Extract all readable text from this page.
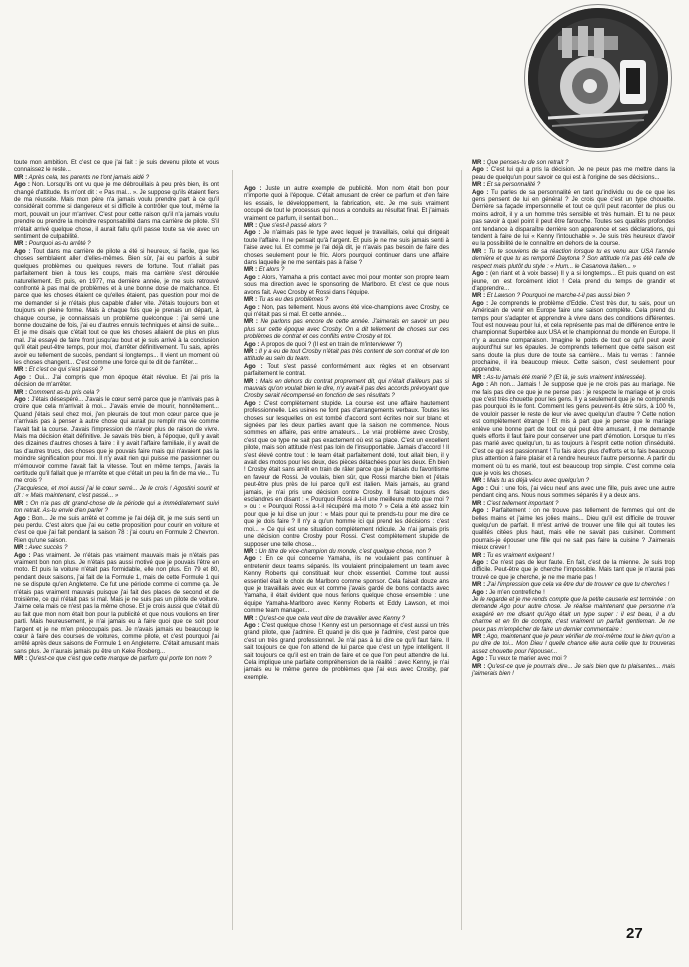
toute mon ambition. Et c'est ce que j'ai fait : je suis devenu pilote et vous connaissez le reste...

MR : Après cela, tes parents ne t'ont jamais aidé ?

Ago : Non. Lorsqu'ils ont vu que je me débrouillais à peu près bien, ils ont changé d'attitude. Ils m'ont dit : « Pas mal... ». Je suppose qu'ils étaient fiers de ma réussite. Mais mon père n'a jamais voulu prendre part à ce qu'il considérait comme si dangereux et si difficile à contrôler que tout, même la mort, pouvait un jour m'arriver. C'est pour cette raison qu'il n'a jamais voulu prendre ou prendre la moindre responsabilité dans ma carrière de pilote. S'il m'était arrivé quelque chose, il aurait fallu qu'il passe toute sa vie avec un sentiment de culpabilité.

MR : Pourquoi as-tu arrêté ?

Ago : Tout dans ma carrière de pilote a été si heureux, si facile, que les choses semblaient aller d'elles-mêmes. Bien sûr, j'ai eu parfois à subir quelques problèmes ou quelques revers de fortune. Tout n'allait pas parfaitement bien à tous les coups, mais ma carrière s'est déroulée naturellement. Et puis, en 1977, ma dernière année, je me suis retrouvé confronté à pas mal de problèmes et à une bonne dose de malchance. Et parce que les choses étaient ce qu'elles étaient, pas question pour moi de me demander si je n'étais plus capable d'aller vite. J'étais toujours bon et toujours en pleine forme. Mais à chaque fois que je prenais un départ, à chaque course, je connaissais un problème quelconque : j'ai serré une bonne douzaine de fois, j'ai eu d'autres ennuis techniques et ainsi de suite... Et je me disais que c'était tout ce que les choses allaient de plus en plus mal. J'ai essayé de faire front jusqu'au bout et je suis arrivé à la conclusion qu'il était peut-être temps, pour moi, d'arrêter définitivement. Tu sais, après avoir eu tellement de succès, pendant si longtemps... Il vient un moment où les choses changent... C'est comme une force qui te dit de t'arrêter...

MR : Et c'est ce qui s'est passé ?

Ago : Oui... J'ai compris que mon époque était révolue. Et j'ai pris la décision de m'arrêter.

MR : Comment as-tu pris cela ?

Ago : J'étais désespéré... J'avais le cœur serré parce que je n'arrivais pas à croire que cela m'arrivait à moi... J'avais envie de mourir, honnêtement... Quand j'étais seul chez moi, j'en pleurais de tout mon cœur parce que je n'arrivais pas à penser à autre chose qui aurait pu remplir ma vie comme l'avait fait la course. J'avais l'impression de n'avoir plus de raison de vivre. Mais ma décision était définitive. Je savais très bien, à l'époque, qu'il y avait des dizaines d'autres choses à faire : il y avait l'affaire familiale, il y avait de tas d'autres trucs, des choses que je pouvais faire mais qui n'avaient pas la moindre signification pour moi. Il n'y avait rien qui puisse me passionner ou m'émouvoir comme l'avait fait la vitesse. Tout en même temps, j'avais la certitude qu'il fallait que je m'arrête et que c'était un peu la fin de ma vie... Tu me crois ?

(J'acquiesce, et moi aussi j'ai le cœur serré... Je le crois ! Agostini sourit et dit : « Mais maintenant, c'est passé... »

MR : On n'a pas dit grand-chose de la période qui a immédiatement suivi ton retrait. As-tu envie d'en parler ?

Ago : Bon... Je me suis arrêté et comme je l'ai déjà dit, je me suis senti un peu perdu. C'est alors que j'ai eu cette proposition pour courir en voiture et c'est ce que j'ai fait pendant la saison 78 : j'ai couru en Formule 2 Chevron. Rien qu'une saison.

MR : Avec succès ?

Ago : Pas vraiment. Je n'étais pas vraiment mauvais mais je n'étais pas vraiment bon non plus. Je n'étais pas aussi motivé que je pouvais l'être en moto. Et puis la voiture n'était pas formidable, elle non plus. En 79 et 80, pendant deux saisons, j'ai fait de la Formule 1, mais de cette Formule 1 qui ne se dispute qu'en Angleterre. Ce fut une période comme ci comme ça. Je n'étais pas vraiment mauvais puisque j'ai fait des places de second et de troisième, ce qui n'était pas si mal. Mais je ne suis pas un pilote de voiture. J'aime cela mais ce n'est pas la même chose. Et je crois aussi que c'était dû au fait que mon nom était bon pour la publicité et que nous voulions en tirer parti. Mais heureusement, je n'ai jamais eu à faire quoi que ce soit pour l'argent et je ne m'en préoccupais pas. Je n'avais jamais eu beaucoup le cœur à faire des courses de voitures, comme pilote, et c'est pourquoi j'ai arrêté après deux saisons de Formule 1 en Angleterre. C'était amusant mais sans plus. Je n'aurais jamais pu être un Keke Rosberg...

MR : Qu'est-ce que c'est que cette marque de parfum qui porte ton nom ?

Ago : Juste un autre exemple de publicité. Mon nom était bon pour n'importe quoi à l'époque. C'était amusant de créer ce parfum et d'en faire les essais, le développement, la fabrication, etc. Je me suis vraiment occupé de tout le processus qui nous a conduits au résultat final. Et j'aimais vraiment ce parfum, il sentait bon...

MR : Que s'est-il passé alors ?

Ago : Je n'aimais pas le type avec lequel je travaillais, celui qui dirigeait toute l'affaire. Il ne pensait qu'à l'argent. Et puis je ne me suis jamais senti à l'aise avec lui. Et comme je l'ai déjà dit, je n'avais pas besoin de faire des choses seulement pour le fric. Alors pourquoi continuer dans une affaire dans laquelle je ne me sentais pas à l'aise ?

MR : Et alors ?

Ago : Alors, Yamaha a pris contact avec moi pour monter son propre team sous ma direction avec le sponsoring de Marlboro. Et c'est ce que nous avons fait. Avec Crosby et Rossi dans l'équipe.

MR : Tu as eu des problèmes ?

Ago : Non, pas tellement. Nous avons été vice-champions avec Crosby, ce qui n'était pas si mal. Et cette année...

MR : Ne parlons pas encore de cette année. J'aimerais en savoir un peu plus sur cette époque avec Crosby. On a dit tellement de choses sur ces problèmes de contrat et ces conflits entre Crosby et toi.

Ago : A propos de quoi ? (Il est en train de m'interviewer ?)

MR : Il y a eu de tout Crosby n'était pas très content de son contrat et de ton attitude au sein du team.

Ago : Tout s'est passé conformément aux règles et en observant parfaitement le contrat.

MR : Mais en dehors du contrat proprement dit, qui n'était d'ailleurs pas si mauvais qu'on voulait bien le dire, n'y avait-il pas des accords prévoyant que Crosby serait récompensé en fonction de ses résultats ?

Ago : C'est complètement stupide. La course est une affaire hautement professionnelle. Les usines ne font pas d'arrangements verbaux. Toutes les choses sur lesquelles on est tombé d'accord sont écrites noir sur blanc et signées par les deux parties avant que la saison ne commence. Nous sommes en affaire, pas entre amateurs... Le vrai problème avec Crosby, c'est que ce type ne sait pas exactement où est sa place. C'est un excellent pilote, mais son attitude n'est pas loin de l'insupportable. Jamais d'accord ! Il s'est élevé contre tout : le team était parfaitement doté, tout allait bien, il y avait des motos pour les deux, des pièces détachées pour les deux. Eh bien ! Crosby était sans arrêt en train de râler parce que je faisais du favoritisme en faveur de Rossi. Je voulais, bien sûr, que Rossi marche bien et j'étais peut-être plus près de lui parce qu'il est italien. Mais jamais, au grand jamais, je n'ai pris une décision contre Crosby. Il faisait toujours des esclandres en disant : « Pourquoi Rossi a-t-il une meilleure moto que moi ? » ou : « Pourquoi Rossi a-t-il récupéré ma moto ? » Cela a été assez loin pour que je lui dise un jour : « Mais pour qui te prends-tu pour me dire ce que je dois faire ? Il n'y a qu'un homme ici qui prend les décisions : c'est moi... » Ce qui est une situation complètement ridicule. Je n'ai jamais pris une décision contre Crosby pour Rossi. C'est complètement stupide de supposer une telle chose...

MR : Un titre de vice-champion du monde, c'est quelque chose, non ?

Ago : En ce qui concerne Yamaha, ils ne voulaient pas continuer à entretenir deux teams séparés. Ils voulaient principalement un team avec Kenny Roberts qui constituait leur choix essentiel. Comme tout aussi essentiel était le choix de Marlboro comme sponsor. Cela faisait douze ans que je travaillais avec eux et comme j'avais gardé de bons contacts avec Yamaha, il était évident que nous ferions quelque chose ensemble : une équipe Yamaha-Marlboro avec Kenny Roberts et Eddy Lawson, et moi comme team manager...

MR : Qu'est-ce que cela veut dire de travailler avec Kenny ?

Ago : C'est quelque chose ! Kenny est un personnage et c'est aussi un très grand pilote, que j'admire. Et quand je dis que je l'admire, c'est parce que c'est un très grand professionnel. Je n'ai pas à lui dire ce qu'il faut faire. Il sait toujours ce que l'on attend de lui parce que c'est un type intelligent. Il sait toujours ce qu'il est en train de faire et ce que l'on peut attendre de lui. Cela implique une parfaite compréhension de la réalité : avec Kenny, je n'ai jamais eu le même genre de problèmes que j'ai eus avec Crosby, par exemple.

MR : Que penses-tu de son retrait ?

Ago : C'est lui qui a pris la décision. Je ne peux pas me mettre dans la peau de quelqu'un pour savoir ce qui est à l'origine de ses décisions...

MR : Et sa personnalité ?

Ago : Tu parles de sa personnalité en tant qu'individu ou de ce que les gens pensent de lui en général ? Je crois que c'est un type chouette. Derrière sa façade impersonnelle et tout ce qu'il peut raconter de plus ou moins adroit, il y a un homme très sensible et très humain. Et tu ne peux pas savoir à quel point il peut être farouche. Toutes ses qualités profondes ont tendance à disparaître derrière son apparence et ses déclarations, qui tendent à faire de lui « Kenny l'intouchable ». Je suis très heureux d'avoir eu la possibilité de le connaître en dehors de la course.

MR : Tu te souviens de sa réaction lorsque tu es venu aux USA l'année dernière et que tu as remporté Daytona ? Son attitude n'a pas été celle de respect mais plutôt du style : « Hum... le Casanova italien... »

Ago : (en riant et à voix basse) Il y a si longtemps... Et puis quand on est jeune, on est forcément idiot ! Cela prend du temps de grandir et d'apprendre...

MR : Et Lawson ? Pourquoi ne marche-t-il pas aussi bien ?

Ago : Je comprends le problème d'Eddie. C'est très dur, tu sais, pour un Américain de venir en Europe faire une saison complète. Cela prend du temps pour s'adapter et apprendre à vivre dans des conditions différentes. Tout est nouveau pour lui, et cela représente pas mal de différence entre le championnat Superbike aux USA et le championnat du monde en Europe. Il n'y a aucune comparaison. Imagine le poids de tout ce qu'il peut avoir aujourd'hui sur les épaules. Je comprends tellement que cette saison est sans doute la plus dure de toute sa carrière... Mais tu verras : l'année prochaine, il ira beaucoup mieux. Cette saison, c'est seulement pour apprendre.

MR : As-tu jamais été marié ? (Et là, je suis vraiment intéressée).

Ago : Ah non... Jamais ! Je suppose que je ne crois pas au mariage. Ne me fais pas dire ce que je ne pense pas : je respecte le mariage et je crois que c'est très chouette pour les gens. Il y a seulement que je ne comprends pas pourquoi ils le font. Comment les gens peuvent-ils être sûrs, à 100 %, de vouloir passer le reste de leur vie avec quelqu'un d'autre ? Cette notion est complètement étrange ! Et mis à part que je pense que le mariage enlève une bonne part de tout ce qui peut être amusant, il me demande quels efforts il faut faire pour conserver une part d'émotion. Lorsque tu n'es pas marié avec quelqu'un, tu as toujours à l'esprit cette notion d'inséduité. C'est ce qui est passionnant ! Tu fais alors plus d'efforts et tu fais beaucoup plus attention à faire plaisir et à rendre heureux l'autre personne. A partir du moment où tu es marié, tout est beaucoup trop simple. C'est comme cela que je vois les choses.

MR : Mais tu as déjà vécu avec quelqu'un ?

Ago : Oui : une fois, j'ai vécu neuf ans avec une fille, puis avec une autre pendant cinq ans. Nous nous sommes séparés il y a deux ans.

MR : C'est tellement important ?

Ago : Parfaitement : on ne trouve pas tellement de femmes qui ont de belles mains et j'aime les jolies mains... Dieu qu'il est difficile de trouver quelqu'un de parfait. Il m'est arrivé de trouver une fille qui ait toutes les qualités citées plus haut, mais elle ne savait pas cuisiner. Comment pourrais-je épouser une fille qui ne sait pas faire la cuisine ? J'aimerais mieux crever !

MR : Tu es vraiment exigeant !

Ago : Ce n'est pas de leur faute. En fait, c'est de la mienne. Je suis trop difficile. Peut-être que je cherche l'impossible. Mais tant que je n'aurai pas trouvé ce que je cherche, je ne me marie pas !

MR : J'ai l'impression que cela va être dur de trouver ce que tu cherches !

Ago : Je m'en contrefiche !

Je le regarde et je me rends compte que la petite causerie est terminée : on demande Ago pour autre chose. Je réalise maintenant que personne n'a exagéré en me disant qu'Ago était un type super : il est beau, il a du charme et en fin de compte, c'est vraiment un parfait gentleman. Je ne peux pas m'empêcher de faire un dernier commentaire :

MR : Ago, maintenant que je peux vérifier de moi-même tout le bien qu'on a pu dire de toi... Mon Dieu ! quelle chance elle aura celle que tu trouveras assez chouette pour l'épouser...

Ago : Tu veux te marier avec moi ?

MR : Qu'est-ce que je pourrais dire... Je sais bien que tu plaisantes... mais j'aimerais bien !

27
